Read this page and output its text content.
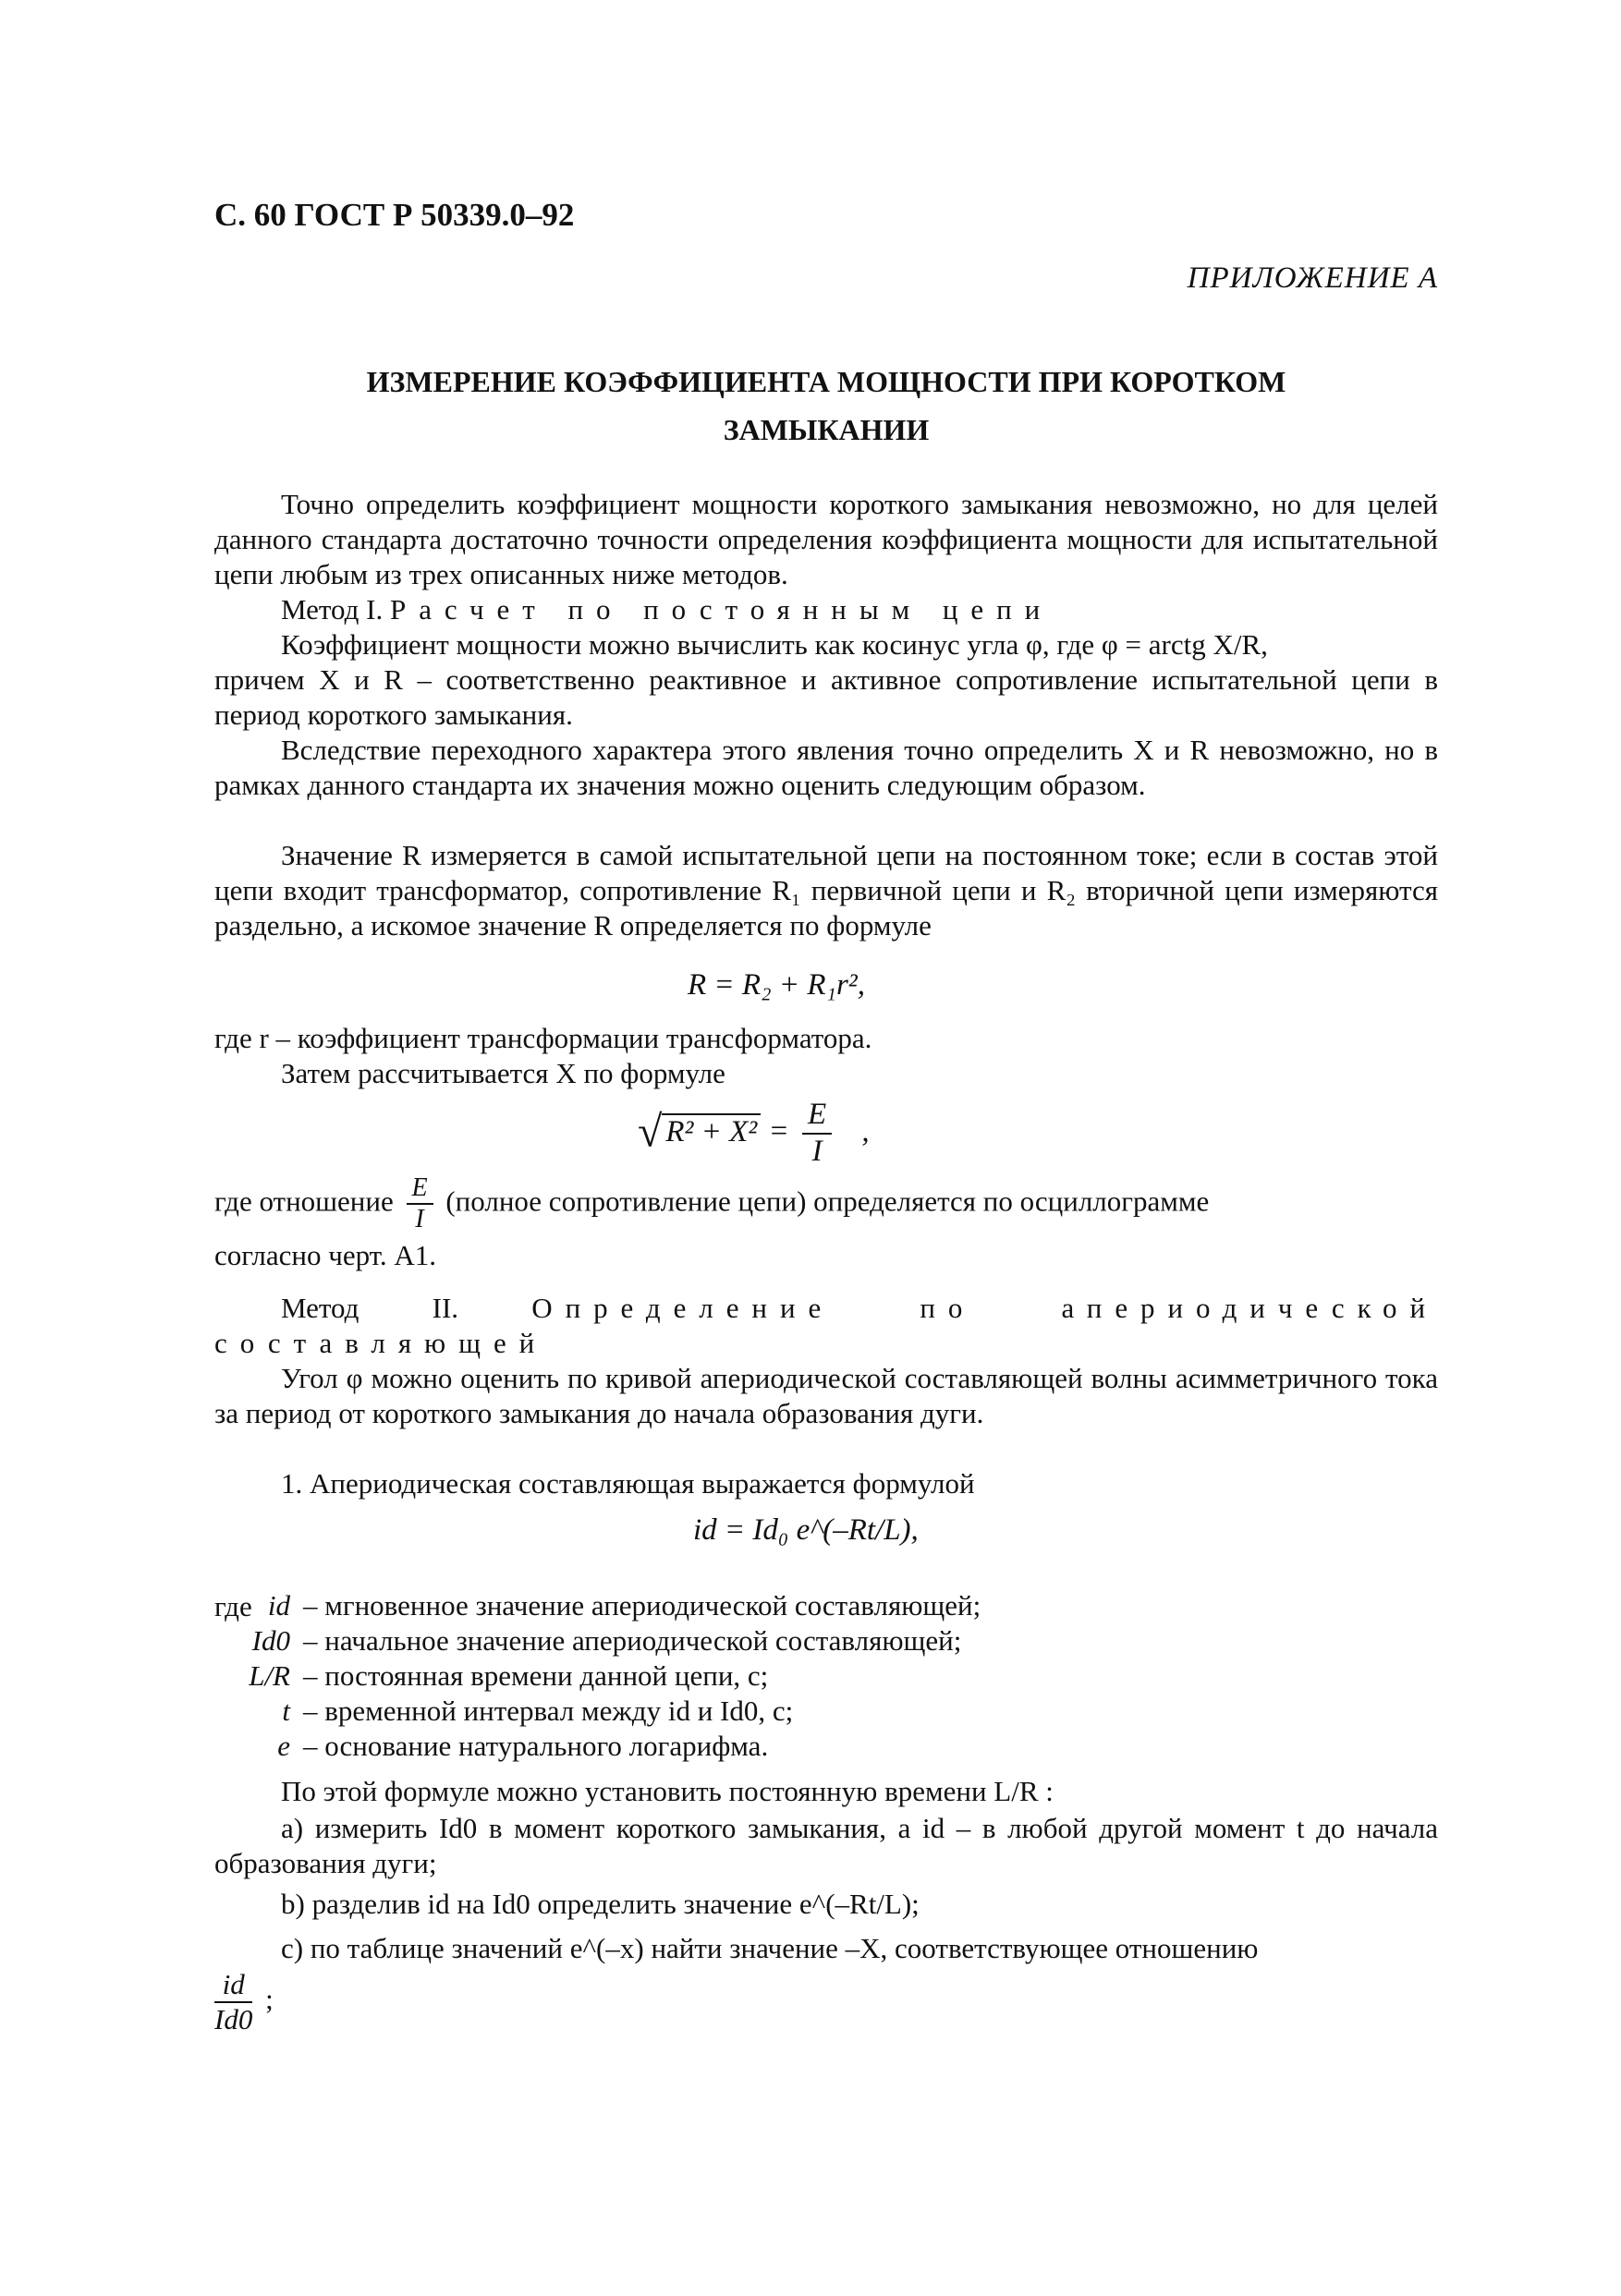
С. 60 ГОСТ Р 50339.0–92
ПРИЛОЖЕНИЕ А
ИЗМЕРЕНИЕ КОЭФФИЦИЕНТА МОЩНОСТИ ПРИ КОРОТКОМ
ЗАМЫКАНИИ
Точно определить коэффициент мощности короткого замыкания невозможно, но для целей данного стандарта достаточно точности определения коэффициента мощности для испытательной цепи любым из трех описанных ниже методов.
Метод I. Расчет по постоянным цепи
Коэффициент мощности можно вычислить как косинус угла φ, где φ = arctg X/R,
причем X и R – соответственно реактивное и активное сопротивление испытательной цепи в период короткого замыкания.
Вследствие переходного характера этого явления точно определить X и R невозможно, но в рамках данного стандарта их значения можно оценить следующим образом.
Значение R измеряется в самой испытательной цепи на постоянном токе; если в состав этой цепи входит трансформатор, сопротивление R₁ первичной цепи и R₂ вторичной цепи измеряются раздельно, а искомое значение R определяется по формуле
R = R₂ + R₁r²,
где r – коэффициент трансформации трансформатора.
Затем рассчитывается X по формуле
√ $R^2 + X^2 = \frac{E}{I}$ ,
где отношение $\frac{E}{I}$ (полное сопротивление цепи) определяется по осциллограмме
согласно черт. А1.
Метод II.	Определение по апериодической составляющей
Угол φ можно оценить по кривой апериодической составляющей волны асимметричного тока за период от короткого замыкания до начала образования дуги.
1. Апериодическая составляющая выражается формулой
id = Id₀ e^(–Rt/L),
где id – мгновенное значение апериодической составляющей;
Id0 – начальное значение апериодической составляющей;
L/R – постоянная времени данной цепи, с;
t – временной интервал между id и Id0, с;
e – основание натурального логарифма.
По этой формуле можно установить постоянную времени L/R :
а) измерить Id0 в момент короткого замыкания, а id – в любой другой момент t до начала образования дуги;
b) разделив id на Id0 определить значение e^(–Rt/L);
с) по таблице значений e^(–x) найти значение –X, соответствующее отношению
$\frac{id}{Id0}$ ;
